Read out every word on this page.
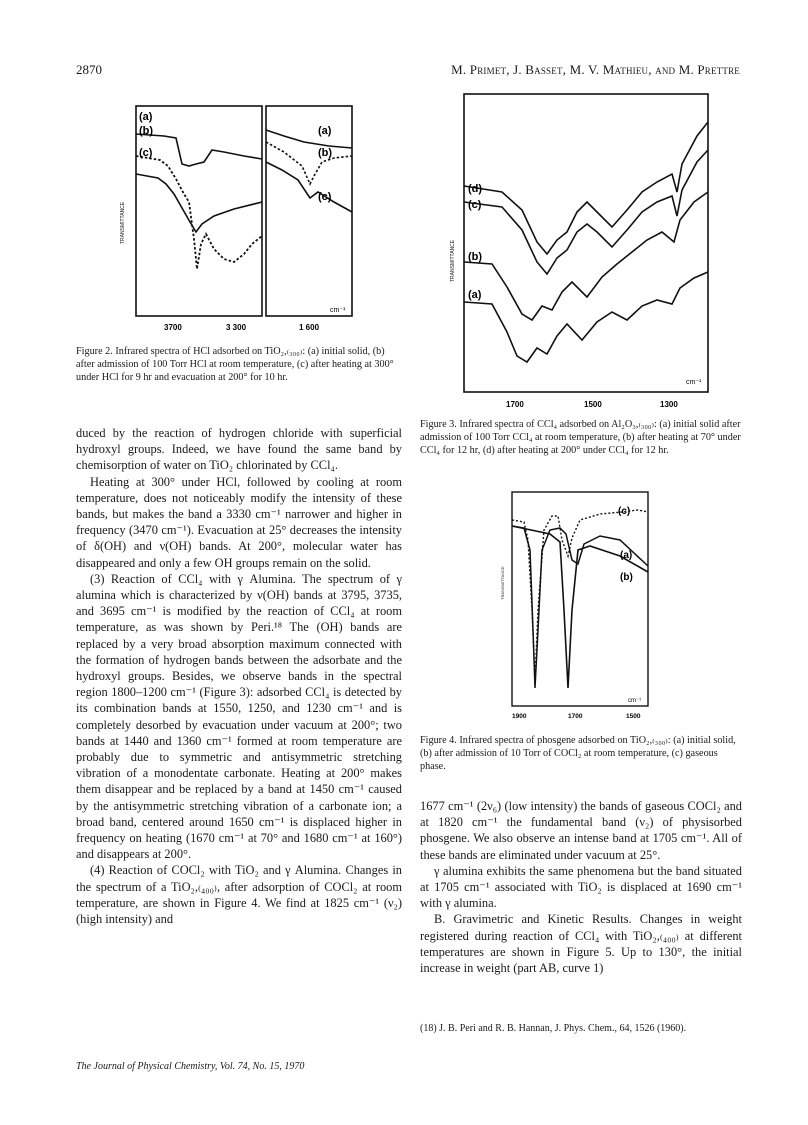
2870	M. Primet, J. Basset, M. V. Mathieu, and M. Prettre
(a)
(b)
(c)
(a)
(b)
(c)
cm⁻¹
3700	3 300	1 600
TRANSMITTANCE
Figure 2. Infrared spectra of HCl adsorbed on TiO₂,₍₃₀₀₎: (a) initial solid, (b) after admission of 100 Torr HCl at room temperature, (c) after heating at 300° under HCl for 9 hr and evacuation at 200° for 10 hr.
(d)
(c)
(b)
(a)
cm⁻¹
1700	1500	1300
TRANSMITTANCE
Figure 3. Infrared spectra of CCl₄ adsorbed on Al₂O₃,₍₃₀₀₎: (a) initial solid after admission of 100 Torr CCl₄ at room temperature, (b) after heating at 70° under CCl₄ for 12 hr, (d) after heating at 200° under CCl₄ for 12 hr.
(c)
(a)
(b)
cm⁻¹
1900	1700	1500
TRANSMITTANCE
Figure 4. Infrared spectra of phosgene adsorbed on TiO₂,₍₃₀₀₎: (a) initial solid, (b) after admission of 10 Torr of COCl₂ at room temperature, (c) gaseous phase.

duced by the reaction of hydrogen chloride with superficial hydroxyl groups. Indeed, we have found the same band by chemisorption of water on TiO₂ chlorinated by CCl₄.

Heating at 300° under HCl, followed by cooling at room temperature, does not noticeably modify the intensity of these bands, but makes the band a 3330 cm⁻¹ narrower and higher in frequency (3470 cm⁻¹). Evacuation at 25° decreases the intensity of δ(OH) and ν(OH) bands. At 200°, molecular water has disappeared and only a few OH groups remain on the solid.

(3) Reaction of CCl₄ with γ Alumina. The spectrum of γ alumina which is characterized by ν(OH) bands at 3795, 3735, and 3695 cm⁻¹ is modified by the reaction of CCl₄ at room temperature, as was shown by Peri.¹⁸ The (OH) bands are replaced by a very broad absorption maximum connected with the formation of hydrogen bands between the adsorbate and the hydroxyl groups. Besides, we observe bands in the spectral region 1800–1200 cm⁻¹ (Figure 3): adsorbed CCl₄ is detected by its combination bands at 1550, 1250, and 1230 cm⁻¹ and is completely desorbed by evacuation under vacuum at 200°; two bands at 1440 and 1360 cm⁻¹ formed at room temperature are probably due to symmetric and antisymmetric stretching vibration of a monodentate carbonate. Heating at 200° makes them disappear and be replaced by a band at 1450 cm⁻¹ caused by the antisymmetric stretching vibration of a carbonate ion; a broad band, centered around 1650 cm⁻¹ is displaced higher in frequency on heating (1670 cm⁻¹ at 70° and 1680 cm⁻¹ at 160°) and disappears at 200°.

(4) Reaction of COCl₂ with TiO₂ and γ Alumina. Changes in the spectrum of a TiO₂,₍₄₀₀₎, after adsorption of COCl₂ at room temperature, are shown in Figure 4. We find at 1825 cm⁻¹ (ν₂) (high intensity) and

1677 cm⁻¹ (2ν₆) (low intensity) the bands of gaseous COCl₂ and at 1820 cm⁻¹ the fundamental band (ν₂) of physisorbed phosgene. We also observe an intense band at 1705 cm⁻¹. All of these bands are eliminated under vacuum at 25°.

γ alumina exhibits the same phenomena but the band situated at 1705 cm⁻¹ associated with TiO₂ is displaced at 1690 cm⁻¹ with γ alumina.

B. Gravimetric and Kinetic Results. Changes in weight registered during reaction of CCl₄ with TiO₂,₍₄₀₀₎ at different temperatures are shown in Figure 5. Up to 130°, the initial increase in weight (part AB, curve 1)

(18) J. B. Peri and R. B. Hannan, J. Phys. Chem., 64, 1526 (1960).
The Journal of Physical Chemistry, Vol. 74, No. 15, 1970
